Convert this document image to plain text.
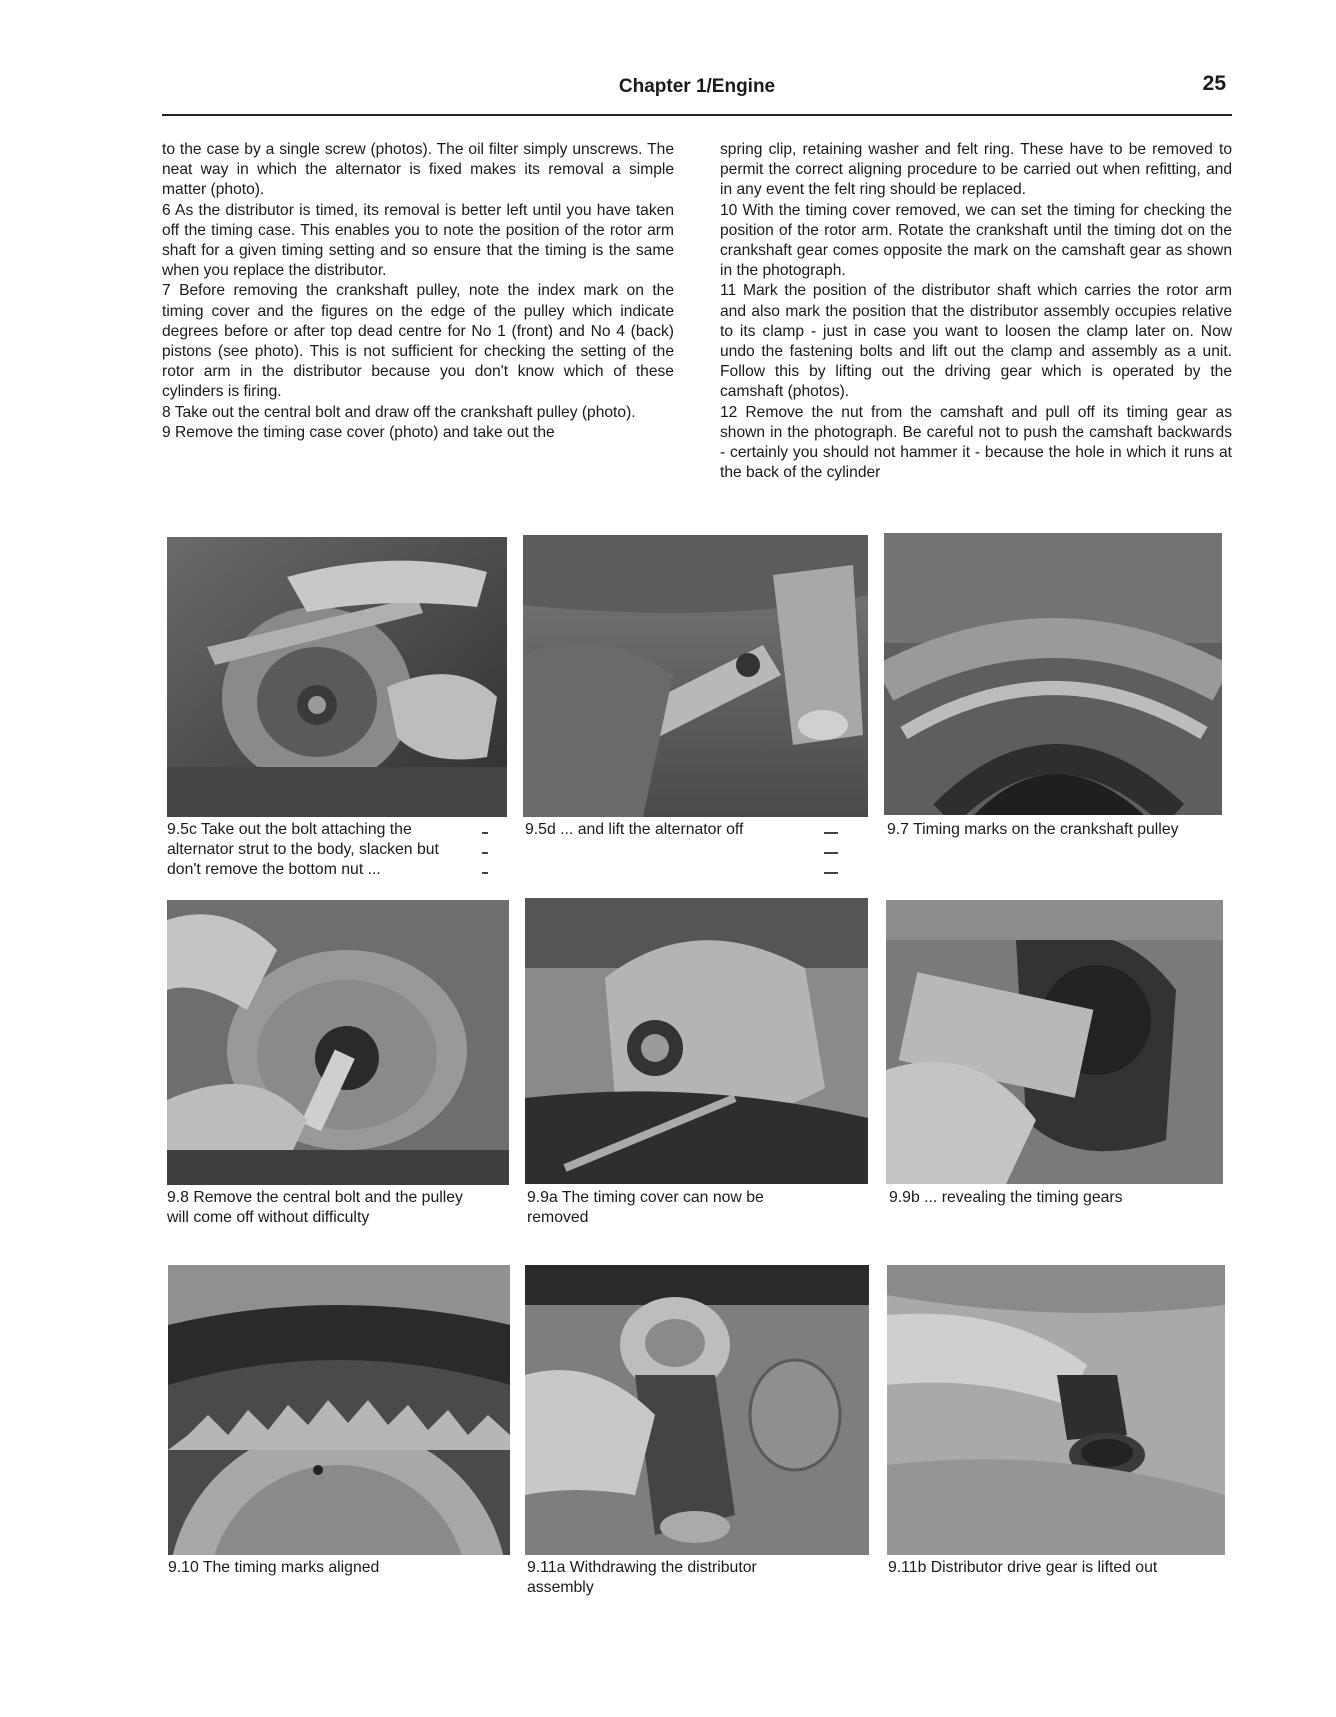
Chapter 1/Engine	25

to the case by a single screw (photos). The oil filter simply unscrews. The neat way in which the alternator is fixed makes its removal a simple matter (photo).

6 As the distributor is timed, its removal is better left until you have taken off the timing case. This enables you to note the position of the rotor arm shaft for a given timing setting and so ensure that the timing is the same when you replace the distributor.

7 Before removing the crankshaft pulley, note the index mark on the timing cover and the figures on the edge of the pulley which indicate degrees before or after top dead centre for No 1 (front) and No 4 (back) pistons (see photo). This is not sufficient for checking the setting of the rotor arm in the distributor because you don't know which of these cylinders is firing.

8 Take out the central bolt and draw off the crankshaft pulley (photo).

9 Remove the timing case cover (photo) and take out the

spring clip, retaining washer and felt ring. These have to be removed to permit the correct aligning procedure to be carried out when refitting, and in any event the felt ring should be replaced.

10 With the timing cover removed, we can set the timing for checking the position of the rotor arm. Rotate the crankshaft until the timing dot on the crankshaft gear comes opposite the mark on the camshaft gear as shown in the photograph.

11 Mark the position of the distributor shaft which carries the rotor arm and also mark the position that the distributor assembly occupies relative to its clamp - just in case you want to loosen the clamp later on. Now undo the fastening bolts and lift out the clamp and assembly as a unit. Follow this by lifting out the driving gear which is operated by the camshaft (photos).

12 Remove the nut from the camshaft and pull off its timing gear as shown in the photograph. Be careful not to push the camshaft backwards - certainly you should not hammer it - because the hole in which it runs at the back of the cylinder

9.5c Take out the bolt attaching the alternator strut to the body, slacken but don't remove the bottom nut ...
9.5d ... and lift the alternator off	9.7 Timing marks on the crankshaft pulley
9.8 Remove the central bolt and the pulley will come off without difficulty
9.9a The timing cover can now be removed
9.9b ... revealing the timing gears
9.10 The timing marks aligned	9.11a Withdrawing the distributor assembly
9.11b Distributor drive gear is lifted out
